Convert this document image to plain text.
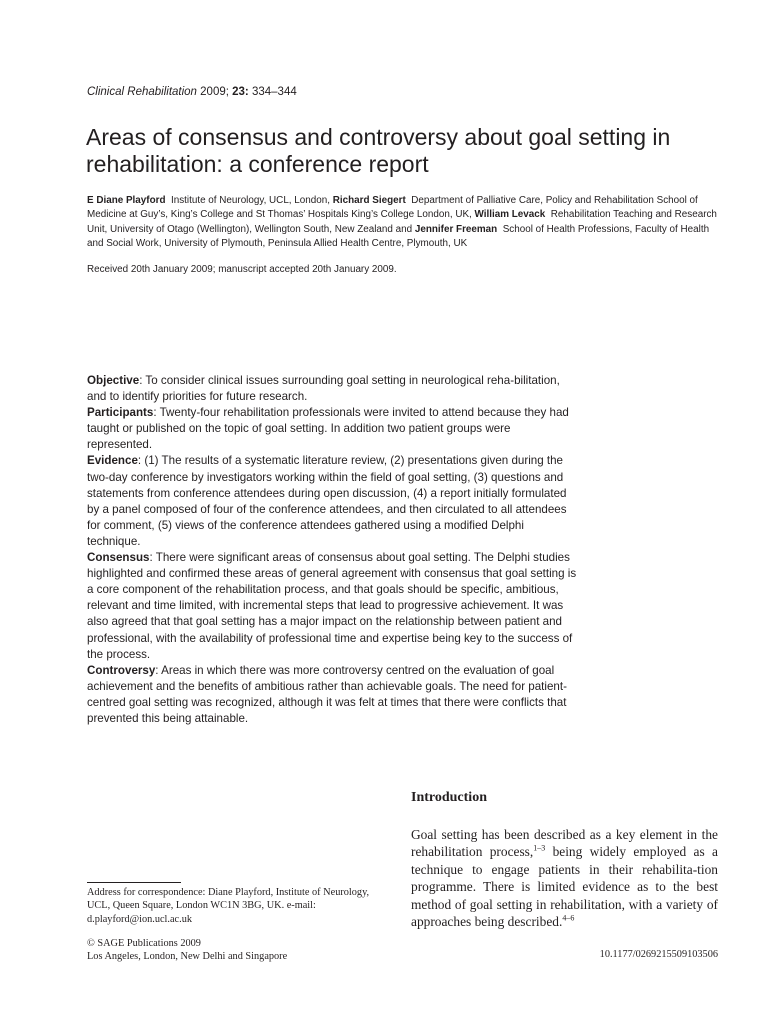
Clinical Rehabilitation 2009; 23: 334–344
Areas of consensus and controversy about goal setting in rehabilitation: a conference report
E Diane Playford Institute of Neurology, UCL, London, Richard Siegert Department of Palliative Care, Policy and Rehabilitation School of Medicine at Guy’s, King’s College and St Thomas’ Hospitals King’s College London, UK, William Levack Rehabilitation Teaching and Research Unit, University of Otago (Wellington), Wellington South, New Zealand and Jennifer Freeman School of Health Professions, Faculty of Health and Social Work, University of Plymouth, Peninsula Allied Health Centre, Plymouth, UK
Received 20th January 2009; manuscript accepted 20th January 2009.

Objective: To consider clinical issues surrounding goal setting in neurological reha-bilitation, and to identify priorities for future research.

Participants: Twenty-four rehabilitation professionals were invited to attend because they had taught or published on the topic of goal setting. In addition two patient groups were represented.

Evidence: (1) The results of a systematic literature review, (2) presentations given during the two-day conference by investigators working within the field of goal setting, (3) questions and statements from conference attendees during open discussion, (4) a report initially formulated by a panel composed of four of the conference attendees, and then circulated to all attendees for comment, (5) views of the conference attendees gathered using a modified Delphi technique.

Consensus: There were significant areas of consensus about goal setting. The Delphi studies highlighted and confirmed these areas of general agreement with consensus that goal setting is a core component of the rehabilitation process, and that goals should be specific, ambitious, relevant and time limited, with incremental steps that lead to progressive achievement. It was also agreed that that goal setting has a major impact on the relationship between patient and professional, with the availability of professional time and expertise being key to the success of the process.

Controversy: Areas in which there was more controversy centred on the evaluation of goal achievement and the benefits of ambitious rather than achievable goals. The need for patient-centred goal setting was recognized, although it was felt at times that there were conflicts that prevented this being attainable.

Introduction
Goal setting has been described as a key element in the rehabilitation process,$^{1-3}$ being widely employed as a technique to engage patients in their rehabilita-tion programme. There is limited evidence as to the best method of goal setting in rehabilitation, with a variety of approaches being described.$^{4-6}$
Address for correspondence: Diane Playford, Institute of Neurology, UCL, Queen Square, London WC1N 3BG, UK. e-mail: d.playford@ion.ucl.ac.uk
© SAGE Publications 2009
Los Angeles, London, New Delhi and Singapore	10.1177/0269215509103506
